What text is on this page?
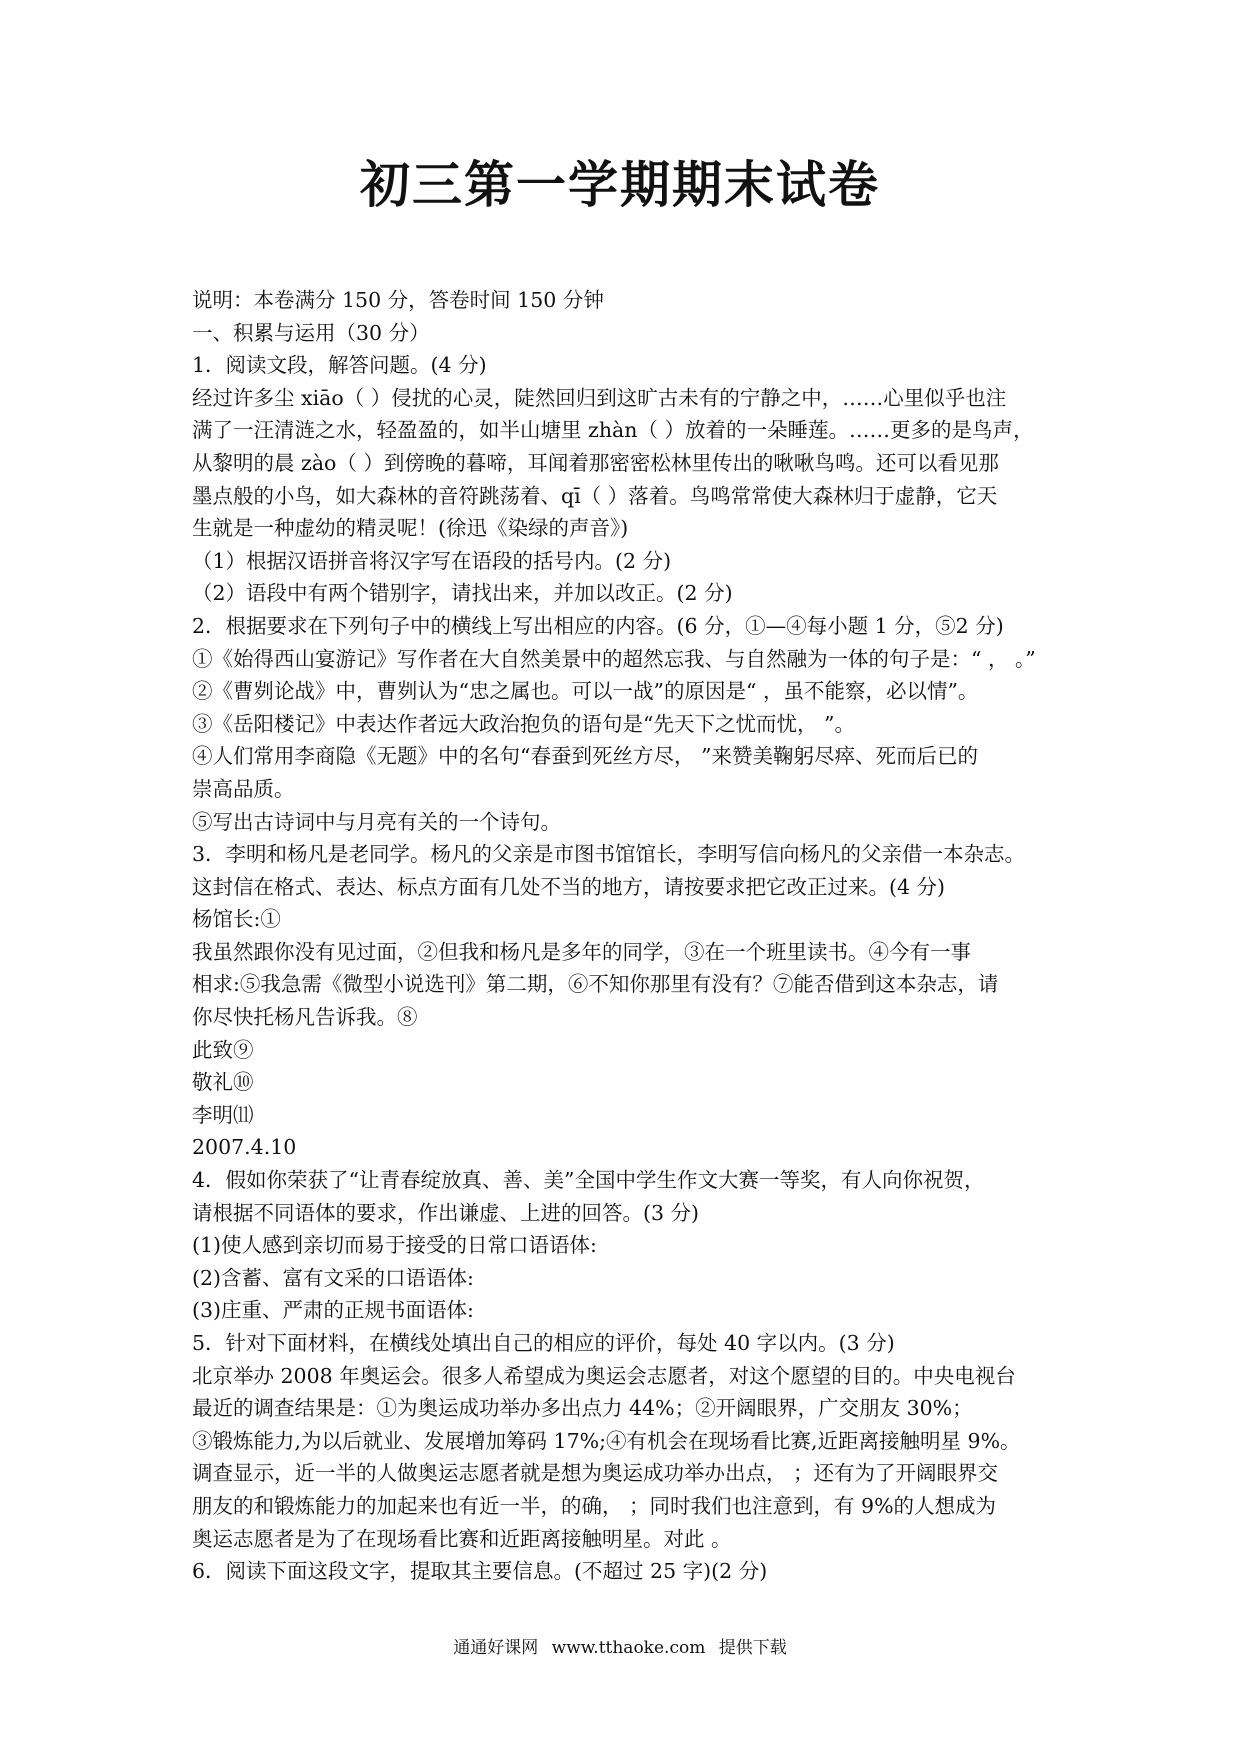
初三第一学期期末试卷
说明：本卷满分 150 分，答卷时间 150 分钟
一、积累与运用（30 分）
1．阅读文段，解答问题。(4 分)
经过许多尘 xiāo（ ）侵扰的心灵，陡然回归到这旷古未有的宁静之中，……心里似乎也注
满了一汪清涟之水，轻盈盈的，如半山塘里 zhàn（ ）放着的一朵睡莲。……更多的是鸟声，
从黎明的晨 zào（ ）到傍晚的暮啼，耳闻着那密密松林里传出的啾啾鸟鸣。还可以看见那
墨点般的小鸟，如大森林的音符跳荡着、qī（ ）落着。鸟鸣常常使大森林归于虚静，它天
生就是一种虚幼的精灵呢！(徐迅《染绿的声音》)
（1）根据汉语拼音将汉字写在语段的括号内。(2 分)
（2）语段中有两个错别字，请找出来，并加以改正。(2 分)
2．根据要求在下列句子中的横线上写出相应的内容。(6 分，①—④每小题 1 分，⑤2 分)
①《始得西山宴游记》写作者在大自然美景中的超然忘我、与自然融为一体的句子是：“ ， 。”
②《曹刿论战》中，曹刿认为“忠之属也。可以一战”的原因是“ ，虽不能察，必以情”。
③《岳阳楼记》中表达作者远大政治抱负的语句是“先天下之忧而忧， ”。
④人们常用李商隐《无题》中的名句“春蚕到死丝方尽， ”来赞美鞠躬尽瘁、死而后已的
崇高品质。
⑤写出古诗词中与月亮有关的一个诗句。
3．李明和杨凡是老同学。杨凡的父亲是市图书馆馆长，李明写信向杨凡的父亲借一本杂志。
这封信在格式、表达、标点方面有几处不当的地方，请按要求把它改正过来。(4 分)
杨馆长:①
我虽然跟你没有见过面，②但我和杨凡是多年的同学，③在一个班里读书。④今有一事
相求:⑤我急需《微型小说选刊》第二期，⑥不知你那里有没有？⑦能否借到这本杂志，请
你尽快托杨凡告诉我。⑧
此致⑨
敬礼⑩
李明⑾
2007.4.10
4．假如你荣获了“让青春绽放真、善、美”全国中学生作文大赛一等奖，有人向你祝贺，
请根据不同语体的要求，作出谦虚、上进的回答。(3 分)
(1)使人感到亲切而易于接受的日常口语语体:
(2)含蓄、富有文采的口语语体:
(3)庄重、严肃的正规书面语体:
5．针对下面材料，在横线处填出自己的相应的评价，每处 40 字以内。(3 分)
北京举办 2008 年奥运会。很多人希望成为奥运会志愿者，对这个愿望的目的。中央电视台
最近的调查结果是：①为奥运成功举办多出点力 44%；②开阔眼界，广交朋友 30%；
③锻炼能力,为以后就业、发展增加筹码 17%;④有机会在现场看比赛,近距离接触明星 9%。
调查显示，近一半的人做奥运志愿者就是想为奥运成功举办出点， ；还有为了开阔眼界交
朋友的和锻炼能力的加起来也有近一半，的确， ；同时我们也注意到，有 9%的人想成为
奥运志愿者是为了在现场看比赛和近距离接触明星。对此 。
6．阅读下面这段文字，提取其主要信息。(不超过 25 字)(2 分)
通通好课网 www.tthaoke.com 提供下载
